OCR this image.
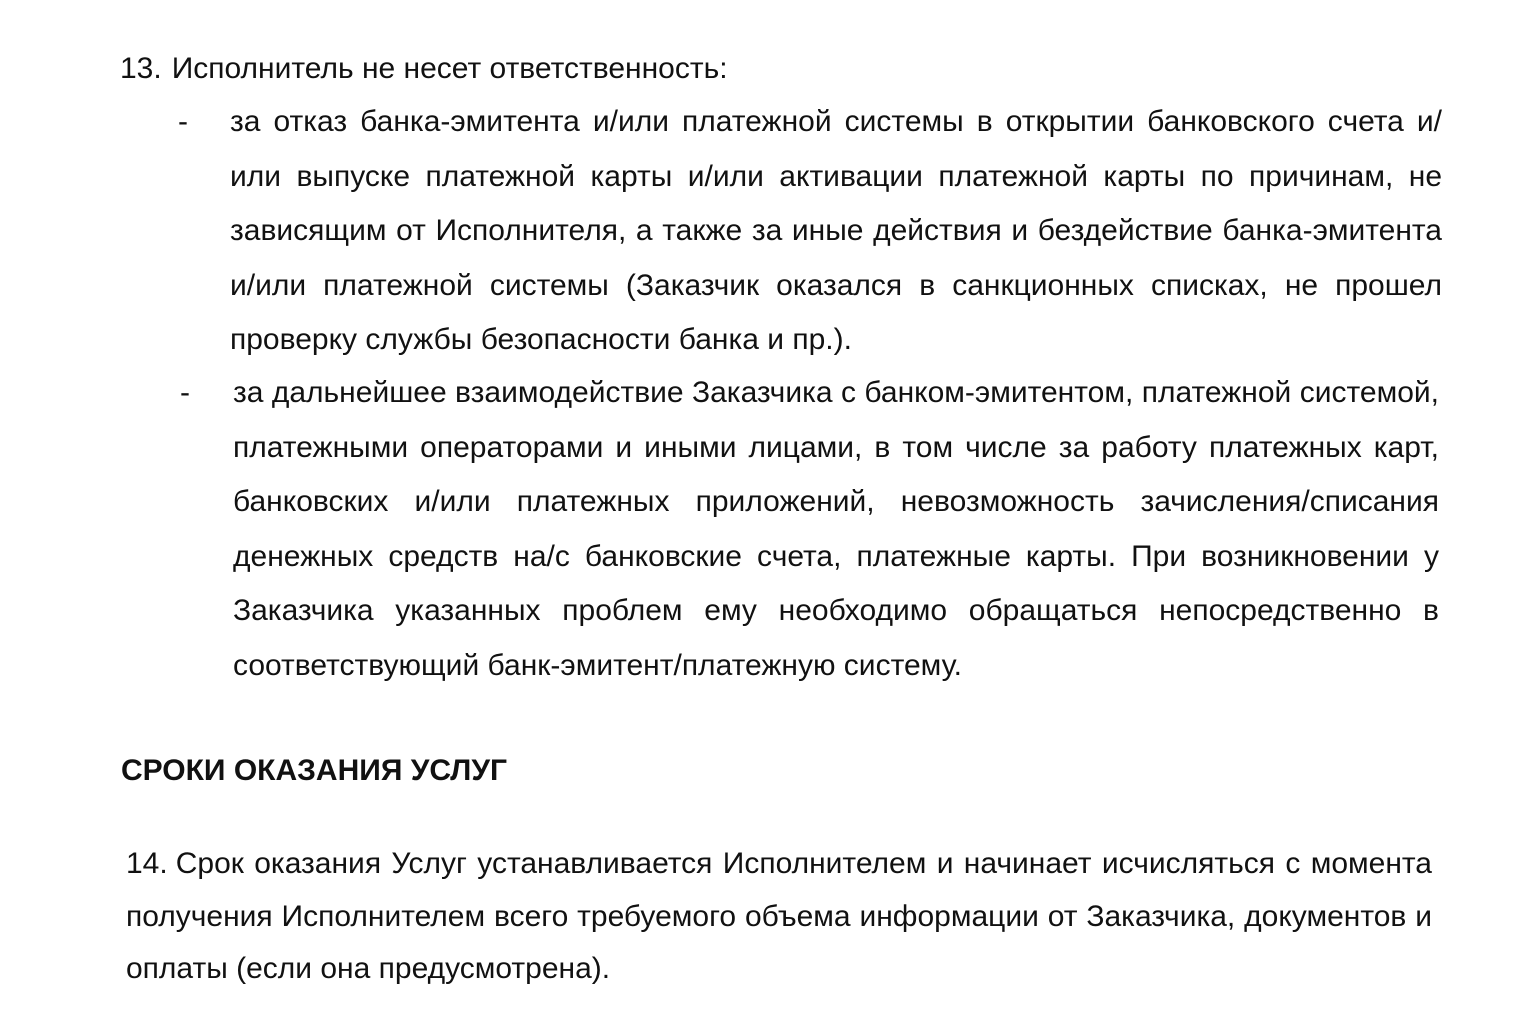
13. Исполнитель не несет ответственность:
- за отказ банка-эмитента и/или платежной системы в открытии банковского счета и/или выпуске платежной карты и/или активации платежной карты по причинам, не зависящим от Исполнителя, а также за иные действия и бездействие банка-эмитента и/или платежной системы (Заказчик оказался в санкционных списках, не прошел проверку службы безопасности банка и пр.).
- за дальнейшее взаимодействие Заказчика с банком-эмитентом, платежной системой, платежными операторами и иными лицами, в том числе за работу платежных карт, банковских и/или платежных приложений, невозможность зачисления/списания денежных средств на/с банковские счета, платежные карты. При возникновении у Заказчика указанных проблем ему необходимо обращаться непосредственно в соответствующий банк-эмитент/платежную систему.
СРОКИ ОКАЗАНИЯ УСЛУГ
14. Срок оказания Услуг устанавливается Исполнителем и начинает исчисляться с момента получения Исполнителем всего требуемого объема информации от Заказчика, документов и оплаты (если она предусмотрена).
